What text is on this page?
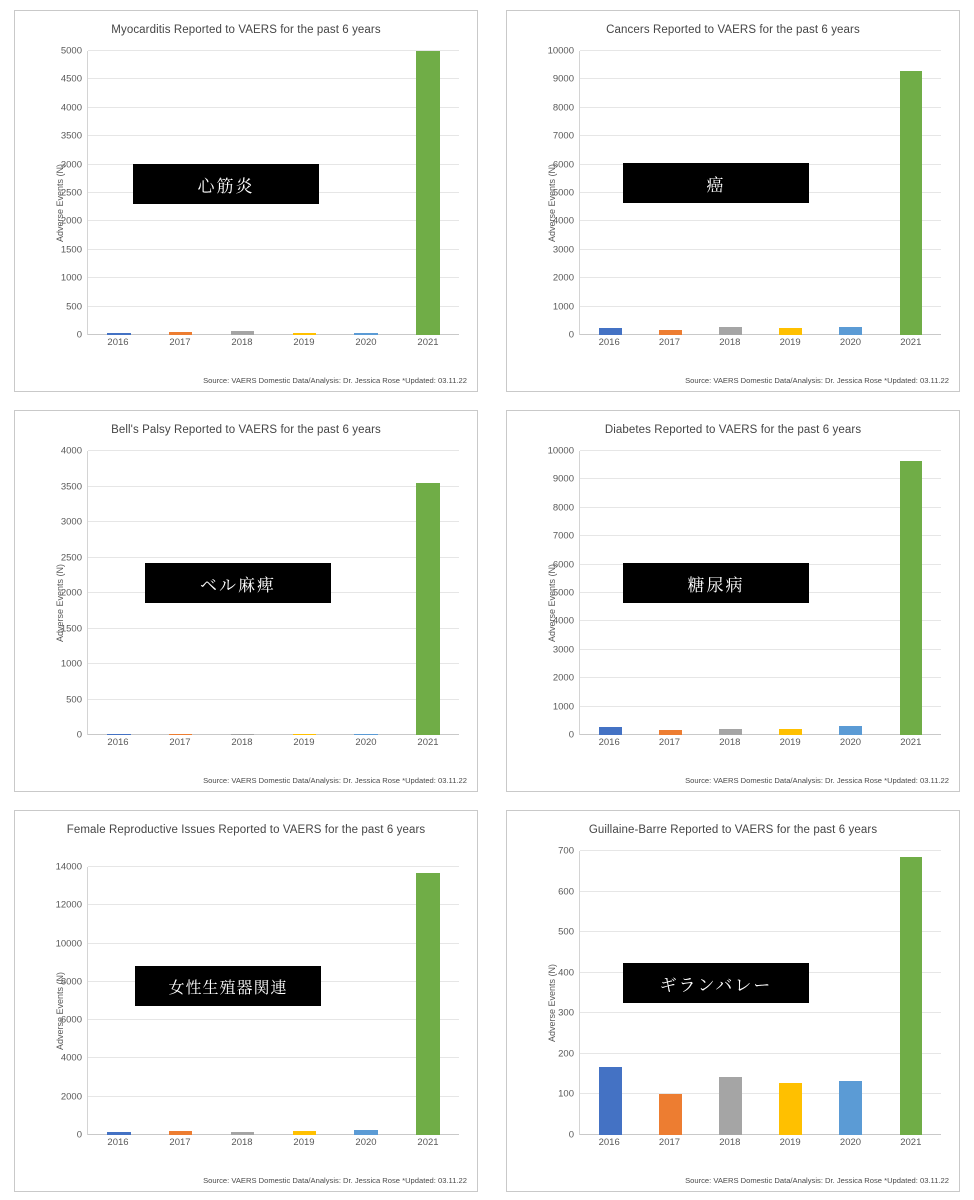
Myocarditis Reported to VAERS for the past 6 years
Adverse Events (N)
0
500
1000
1500
2000
2500
3000
3500
4000
4500
5000
2016	2017	2018	2019	2020	2021
心筋炎
Source: VAERS Domestic Data/Analysis: Dr. Jessica Rose *Updated: 03.11.22
Cancers Reported to VAERS for the past 6 years
Adverse Events (N)
0
1000
2000
3000
4000
5000
6000
7000
8000
9000
10000
2016	2017	2018	2019	2020	2021
癌
Source: VAERS Domestic Data/Analysis: Dr. Jessica Rose *Updated: 03.11.22
Bell's Palsy Reported to VAERS for the past 6 years
Adverse Events (N)
0
500
1000
1500
2000
2500
3000
3500
4000
2016	2017	2018	2019	2020	2021
ベル麻痺
Source: VAERS Domestic Data/Analysis: Dr. Jessica Rose *Updated: 03.11.22
Diabetes Reported to VAERS for the past 6 years
Adverse Events (N)
0
1000
2000
3000
4000
5000
6000
7000
8000
9000
10000
2016	2017	2018	2019	2020	2021
糖尿病
Source: VAERS Domestic Data/Analysis: Dr. Jessica Rose *Updated: 03.11.22
Female Reproductive Issues Reported to VAERS for the past 6 years
Adverse Events (N)
0
2000
4000
6000
8000
10000
12000
14000
2016	2017	2018	2019	2020	2021
女性生殖器関連
Source: VAERS Domestic Data/Analysis: Dr. Jessica Rose *Updated: 03.11.22
Guillaine-Barre Reported to VAERS for the past 6 years
Adverse Events (N)
0
100
200
300
400
500
600
700
2016	2017	2018	2019	2020	2021
ギランバレー
Source: VAERS Domestic Data/Analysis: Dr. Jessica Rose *Updated: 03.11.22
